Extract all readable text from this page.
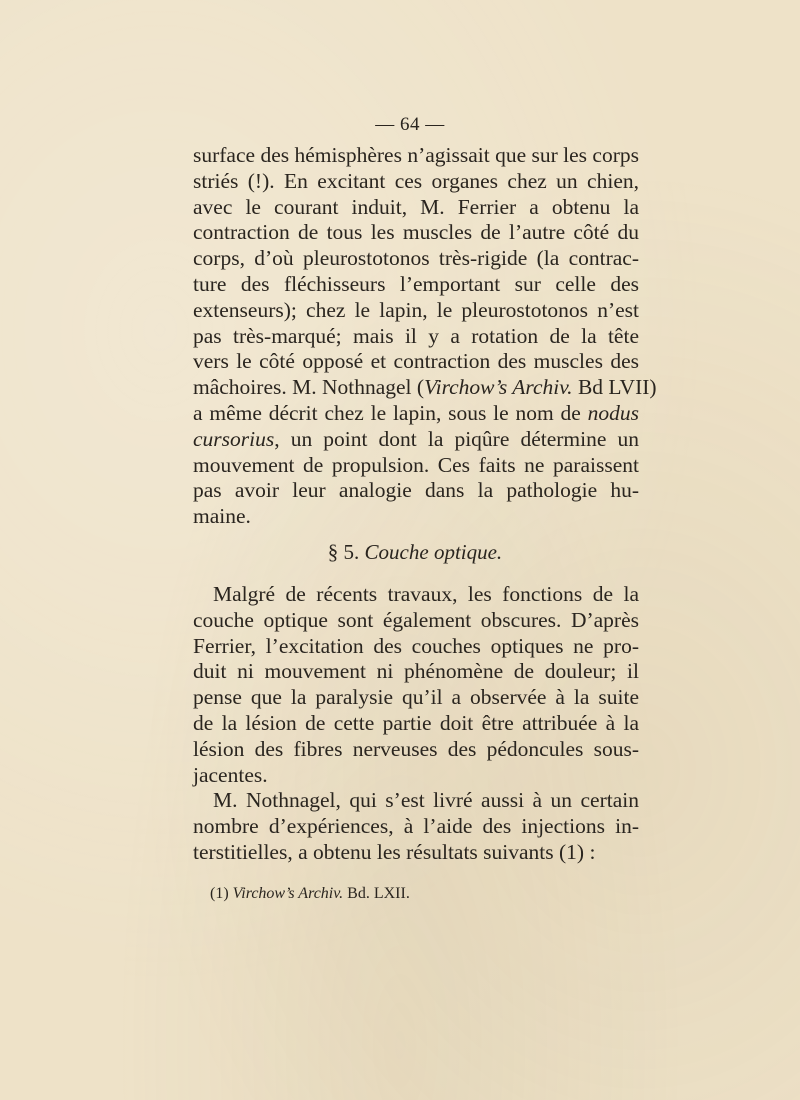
— 64 —
surface des hémisphères n’agissait que sur les corps
striés (!). En excitant ces organes chez un chien,
avec le courant induit, M. Ferrier a obtenu la
contraction de tous les muscles de l’autre côté du
corps, d’où pleurostotonos très-rigide (la contrac-
ture des fléchisseurs l’emportant sur celle des
extenseurs); chez le lapin, le pleurostotonos n’est
pas très-marqué; mais il y a rotation de la tête
vers le côté opposé et contraction des muscles des
mâchoires. M. Nothnagel (Virchow’s Archiv. Bd LVII)
a même décrit chez le lapin, sous le nom de nodus
cursorius, un point dont la piqûre détermine un
mouvement de propulsion. Ces faits ne paraissent
pas avoir leur analogie dans la pathologie hu-
maine.
§ 5. Couche optique.
Malgré de récents travaux, les fonctions de la
couche optique sont également obscures. D’après
Ferrier, l’excitation des couches optiques ne pro-
duit ni mouvement ni phénomène de douleur; il
pense que la paralysie qu’il a observée à la suite
de la lésion de cette partie doit être attribuée à la
lésion des fibres nerveuses des pédoncules sous-
jacentes.
M. Nothnagel, qui s’est livré aussi à un certain
nombre d’expériences, à l’aide des injections in-
terstitielles, a obtenu les résultats suivants (1) :
(1) Virchow’s Archiv. Bd. LXII.
